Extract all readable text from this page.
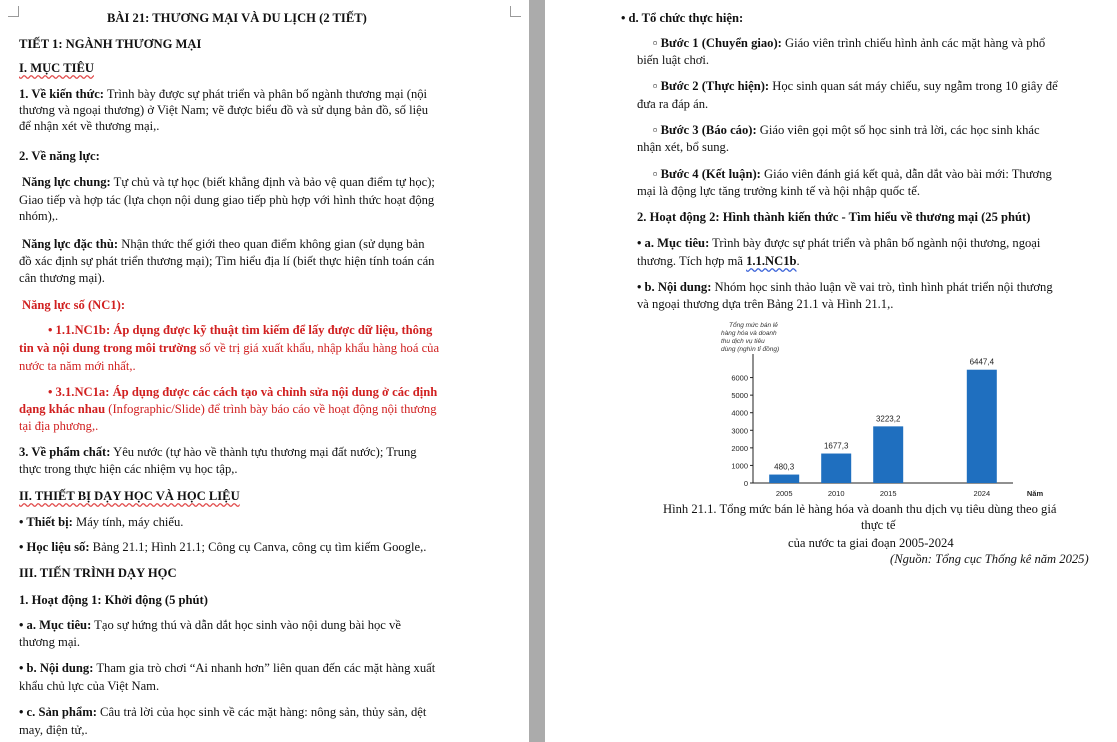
BÀI 21: THƯƠNG MẠI VÀ DU LỊCH (2 TIẾT)
TIẾT 1: NGÀNH THƯƠNG MẠI
I. MỤC TIÊU
1. Về kiến thức: Trình bày được sự phát triển và phân bố ngành thương mại (nội
thương và ngoại thương) ở Việt Nam; vẽ được biểu đồ và sử dụng bản đồ, số liệu
để nhận xét về thương mại,.
2. Về năng lực:
Năng lực chung: Tự chủ và tự học (biết khẳng định và bảo vệ quan điểm tự học);
Giao tiếp và hợp tác (lựa chọn nội dung giao tiếp phù hợp với hình thức hoạt động
nhóm),.
Năng lực đặc thù: Nhận thức thế giới theo quan điểm không gian (sử dụng bản
đồ xác định sự phát triển thương mại); Tìm hiểu địa lí (biết thực hiện tính toán cán
cân thương mại).
Năng lực số (NC1):
• 1.1.NC1b: Áp dụng được kỹ thuật tìm kiếm để lấy được dữ liệu, thông
tin và nội dung trong môi trường số về trị giá xuất khẩu, nhập khẩu hàng hoá của
nước ta năm mới nhất,.
• 3.1.NC1a: Áp dụng được các cách tạo và chỉnh sửa nội dung ở các định
dạng khác nhau (Infographic/Slide) để trình bày báo cáo về hoạt động nội thương
tại địa phương,.
3. Về phẩm chất: Yêu nước (tự hào về thành tựu thương mại đất nước); Trung
thực trong thực hiện các nhiệm vụ học tập,.
II. THIẾT BỊ DẠY HỌC VÀ HỌC LIỆU
• Thiết bị: Máy tính, máy chiếu.
• Học liệu số: Bảng 21.1; Hình 21.1; Công cụ Canva, công cụ tìm kiếm Google,.
III. TIẾN TRÌNH DẠY HỌC
1. Hoạt động 1: Khởi động (5 phút)
• a. Mục tiêu: Tạo sự hứng thú và dẫn dắt học sinh vào nội dung bài học về
thương mại.
• b. Nội dung: Tham gia trò chơi “Ai nhanh hơn” liên quan đến các mặt hàng xuất
khẩu chủ lực của Việt Nam.
• c. Sản phẩm: Câu trả lời của học sinh về các mặt hàng: nông sản, thủy sản, dệt
may, điện tử,.
• d. Tổ chức thực hiện:
▫ Bước 1 (Chuyển giao): Giáo viên trình chiếu hình ảnh các mặt hàng và phổ
biến luật chơi.
▫ Bước 2 (Thực hiện): Học sinh quan sát máy chiếu, suy ngẫm trong 10 giây để
đưa ra đáp án.
▫ Bước 3 (Báo cáo): Giáo viên gọi một số học sinh trả lời, các học sinh khác
nhận xét, bổ sung.
▫ Bước 4 (Kết luận): Giáo viên đánh giá kết quả, dẫn dắt vào bài mới: Thương
mại là động lực tăng trưởng kinh tế và hội nhập quốc tế.
2. Hoạt động 2: Hình thành kiến thức - Tìm hiểu về thương mại (25 phút)
• a. Mục tiêu: Trình bày được sự phát triển và phân bố ngành nội thương, ngoại
thương. Tích hợp mã 1.1.NC1b.
• b. Nội dung: Nhóm học sinh thảo luận về vai trò, tình hình phát triển nội thương
và ngoại thương dựa trên Bảng 21.1 và Hình 21.1,.
Tổng mức bán lẻ
hàng hóa và doanh
thu dịch vụ tiêu
dùng (nghìn tỉ đồng)
0
1000
2000
3000
4000
5000
6000
480,3
2005
1677,3
2010
3223,2
2015
6447,4
2024	Năm
Hình 21.1. Tổng mức bán lẻ hàng hóa và doanh thu dịch vụ tiêu dùng theo giá
thực tế
của nước ta giai đoạn 2005-2024
(Nguồn: Tổng cục Thống kê năm 2025)
